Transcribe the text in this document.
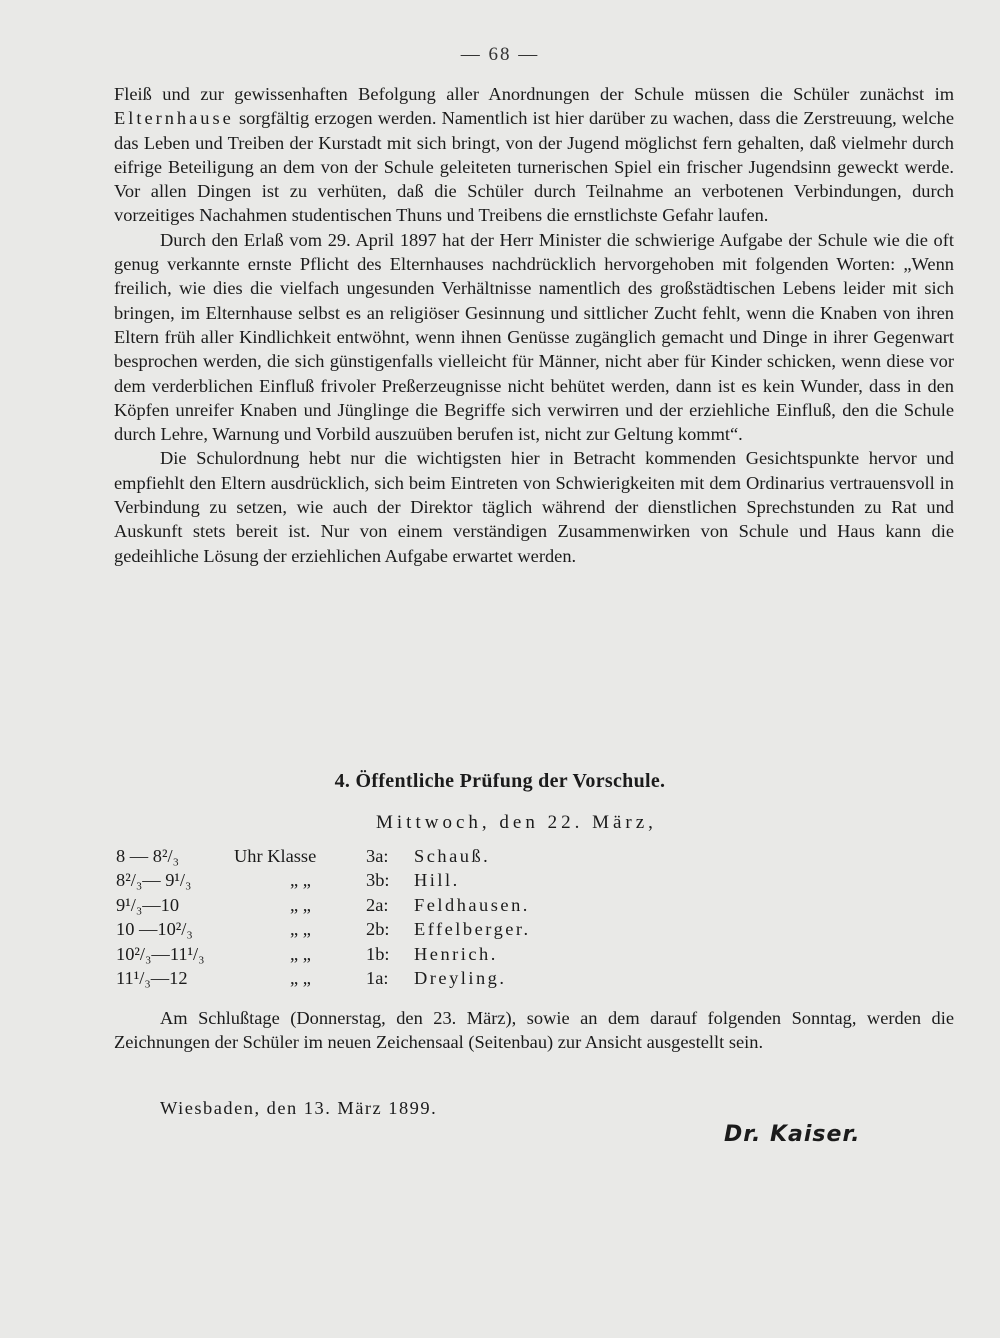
— 68 —

Fleiß und zur gewissenhaften Befolgung aller Anordnungen der Schule müssen die Schüler zunächst im Elternhause sorgfältig erzogen werden. Namentlich ist hier darüber zu wachen, dass die Zerstreuung, welche das Leben und Treiben der Kurstadt mit sich bringt, von der Jugend möglichst fern gehalten, daß vielmehr durch eifrige Beteiligung an dem von der Schule geleiteten turnerischen Spiel ein frischer Jugendsinn geweckt werde. Vor allen Dingen ist zu verhüten, daß die Schüler durch Teilnahme an verbotenen Verbindungen, durch vorzeitiges Nachahmen studentischen Thuns und Treibens die ernstlichste Gefahr laufen.

Durch den Erlaß vom 29. April 1897 hat der Herr Minister die schwierige Aufgabe der Schule wie die oft genug verkannte ernste Pflicht des Elternhauses nachdrücklich hervorgehoben mit folgenden Worten: „Wenn freilich, wie dies die vielfach ungesunden Verhältnisse namentlich des großstädtischen Lebens leider mit sich bringen, im Elternhause selbst es an religiöser Gesinnung und sittlicher Zucht fehlt, wenn die Knaben von ihren Eltern früh aller Kindlichkeit entwöhnt, wenn ihnen Genüsse zugänglich gemacht und Dinge in ihrer Gegenwart besprochen werden, die sich günstigenfalls vielleicht für Männer, nicht aber für Kinder schicken, wenn diese vor dem verderblichen Einfluß frivoler Preßerzeugnisse nicht behütet werden, dann ist es kein Wunder, dass in den Köpfen unreifer Knaben und Jünglinge die Begriffe sich verwirren und der erziehliche Einfluß, den die Schule durch Lehre, Warnung und Vorbild auszuüben berufen ist, nicht zur Geltung kommt“.

Die Schulordnung hebt nur die wichtigsten hier in Betracht kommenden Gesichtspunkte hervor und empfiehlt den Eltern ausdrücklich, sich beim Eintreten von Schwierigkeiten mit dem Ordinarius vertrauensvoll in Verbindung zu setzen, wie auch der Direktor täglich während der dienstlichen Sprechstunden zu Rat und Auskunft stets bereit ist. Nur von einem verständigen Zusammenwirken von Schule und Haus kann die gedeihliche Lösung der erziehlichen Aufgabe erwartet werden.

4. Öffentliche Prüfung der Vorschule.
Mittwoch, den 22. März,
8 — 8²/₃	Uhr Klasse	3a:	Schauß.
8²/₃— 9¹/₃	„ „	3b:	Hill.
9¹/₃—10	„ „	2a:	Feldhausen.
10 —10²/₃	„ „	2b:	Effelberger.
10²/₃—11¹/₃	„ „	1b:	Henrich.
11¹/₃—12	„ „	1a:	Dreyling.

Am Schlußtage (Donnerstag, den 23. März), sowie an dem darauf folgenden Sonntag, werden die Zeichnungen der Schüler im neuen Zeichensaal (Seitenbau) zur Ansicht ausgestellt sein.

Wiesbaden, den 13. März 1899.
Dr. Kaiser.
